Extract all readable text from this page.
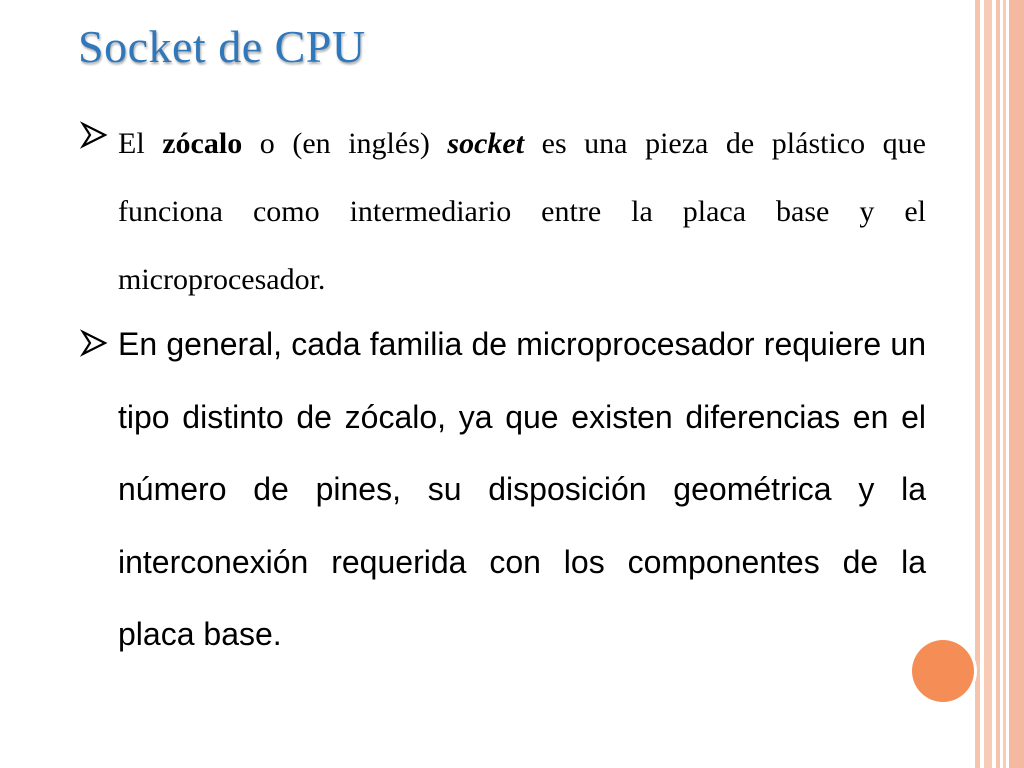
Socket de CPU
El zócalo o (en inglés) socket es una pieza de plástico que funciona como intermediario entre la placa base y el microprocesador.
En general, cada familia de microprocesador requiere un tipo distinto de zócalo, ya que existen diferencias en el número de pines, su disposición geométrica y la interconexión requerida con los componentes de la placa base.
